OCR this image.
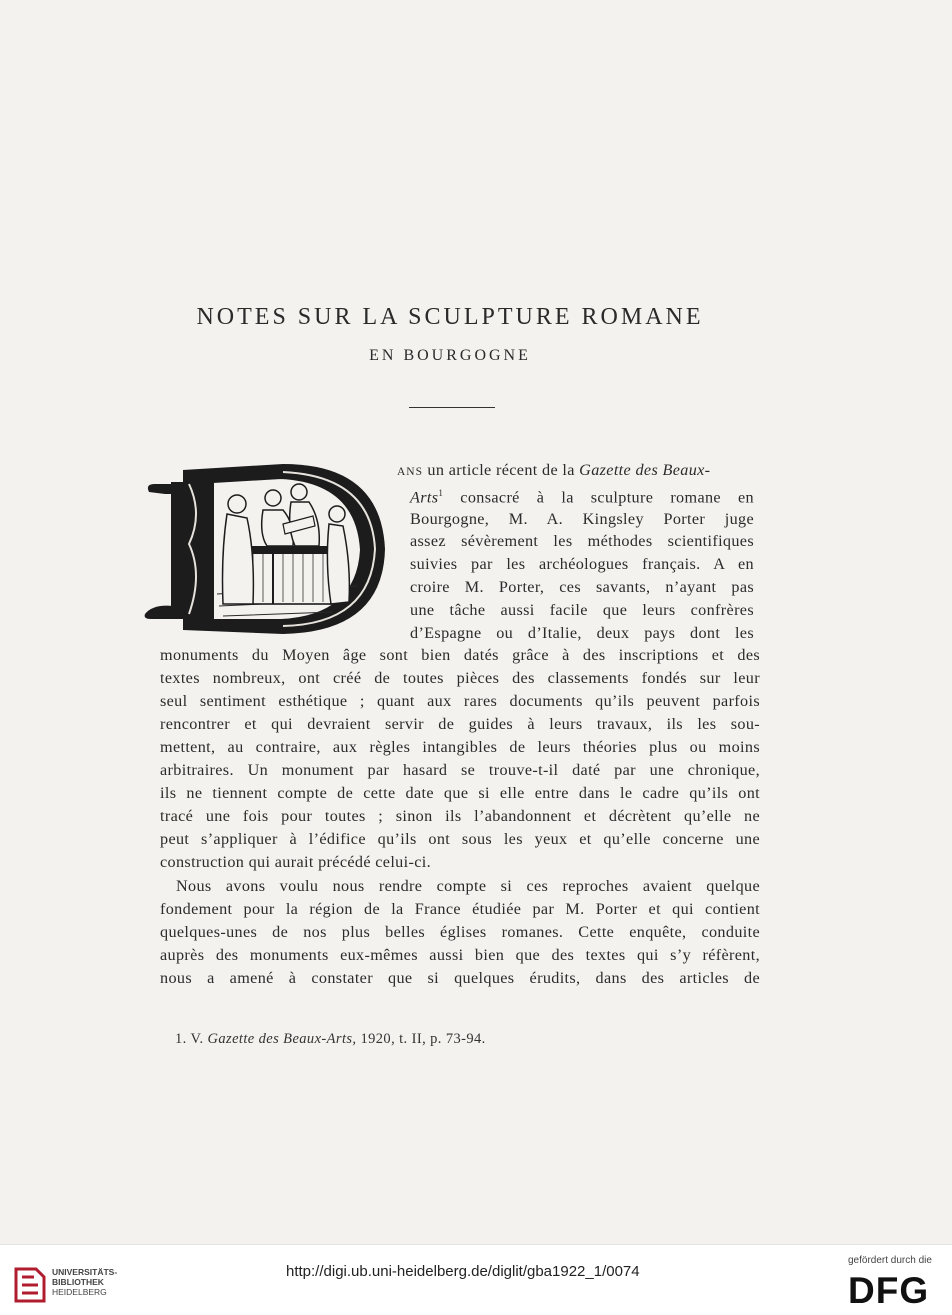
NOTES SUR LA SCULPTURE ROMANE
EN BOURGOGNE
ANS un article récent de la Gazette des Beaux-
Arts$^1$ consacré à la sculpture romane en
Bourgogne, M. A. Kingsley Porter juge
assez sévèrement les méthodes scientifiques
suivies par les archéologues français. A en
croire M. Porter, ces savants, n’ayant pas
une tâche aussi facile que leurs confrères
d’Espagne ou d’Italie, deux pays dont les
monuments du Moyen âge sont bien datés grâce à des inscriptions et des
textes nombreux, ont créé de toutes pièces des classements fondés sur leur
seul sentiment esthétique ; quant aux rares documents qu’ils peuvent parfois
rencontrer et qui devraient servir de guides à leurs travaux, ils les sou-
mettent, au contraire, aux règles intangibles de leurs théories plus ou moins
arbitraires. Un monument par hasard se trouve-t-il daté par une chronique,
ils ne tiennent compte de cette date que si elle entre dans le cadre qu’ils ont
tracé une fois pour toutes ; sinon ils l’abandonnent et décrètent qu’elle ne
peut s’appliquer à l’édifice qu’ils ont sous les yeux et qu’elle concerne une
construction qui aurait précédé celui-ci.
Nous avons voulu nous rendre compte si ces reproches avaient quelque
fondement pour la région de la France étudiée par M. Porter et qui contient
quelques-unes de nos plus belles églises romanes. Cette enquête, conduite
auprès des monuments eux-mêmes aussi bien que des textes qui s’y réfèrent,
nous a amené à constater que si quelques érudits, dans des articles de
1. V. Gazette des Beaux-Arts, 1920, t. II, p. 73-94.
UNIVERSITÄTS-
BIBLIOTHEK
HEIDELBERG
http://digi.ub.uni-heidelberg.de/diglit/gba1922_1/0074
gefördert durch die
DFG
